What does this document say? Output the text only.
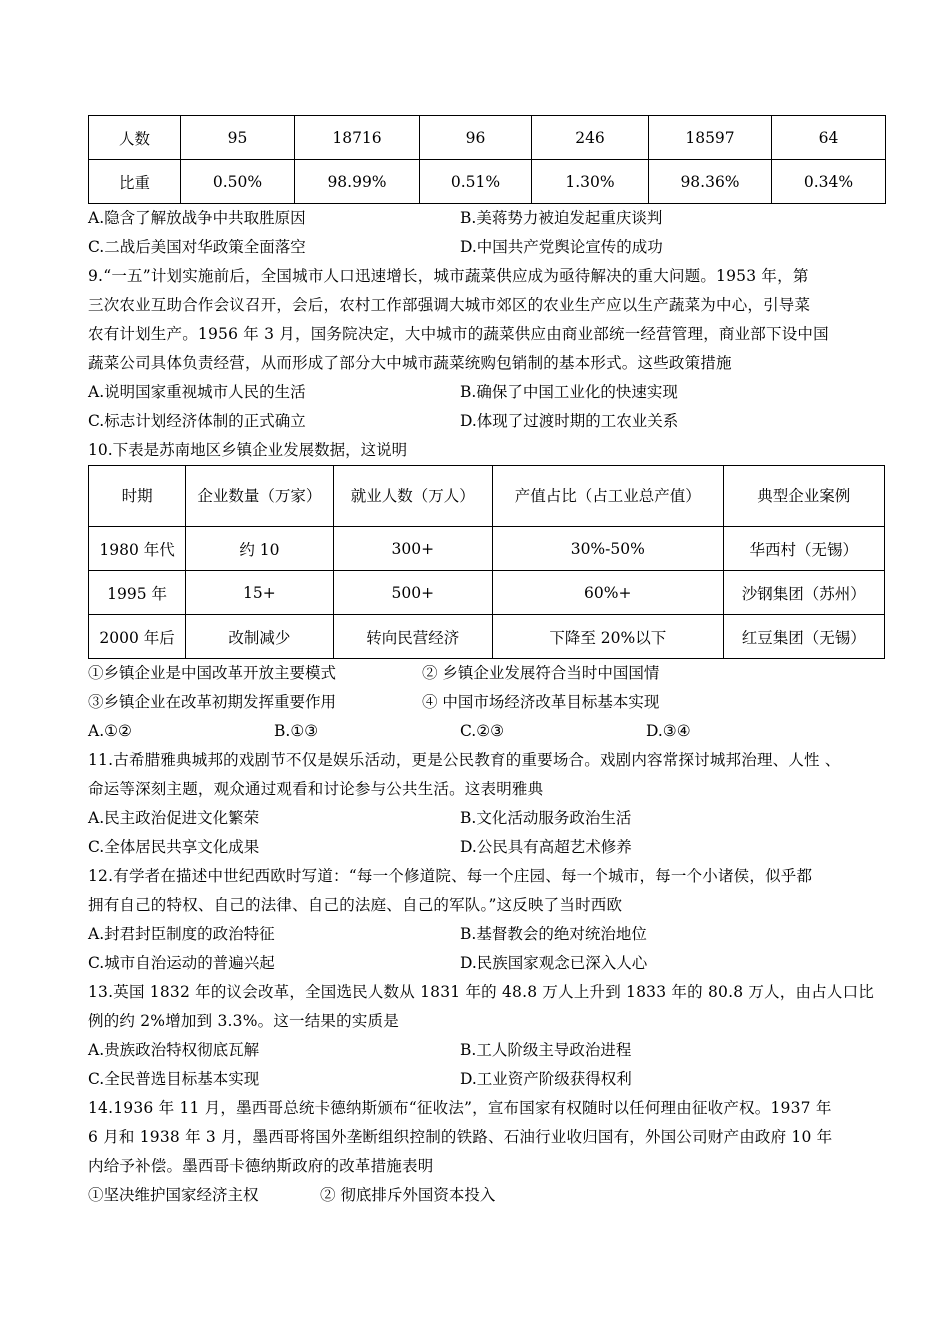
人数	95	18716	96	246	18597	64
比重	0.50%	98.99%	0.51%	1.30%	98.36%	0.34%
A.隐含了解放战争中共取胜原因	B.美蒋势力被迫发起重庆谈判
C.二战后美国对华政策全面落空	D.中国共产党舆论宣传的成功
9.“一五”计划实施前后，全国城市人口迅速增长，城市蔬菜供应成为亟待解决的重大问题。1953 年，第
三次农业互助合作会议召开，会后，农村工作部强调大城市郊区的农业生产应以生产蔬菜为中心，引导菜
农有计划生产。1956 年 3 月，国务院决定，大中城市的蔬菜供应由商业部统一经营管理，商业部下设中国
蔬菜公司具体负责经营，从而形成了部分大中城市蔬菜统购包销制的基本形式。这些政策措施
A.说明国家重视城市人民的生活	B.确保了中国工业化的快速实现
C.标志计划经济体制的正式确立	D.体现了过渡时期的工农业关系
10.下表是苏南地区乡镇企业发展数据，这说明
时期	企业数量（万家）	就业人数（万人）	产值占比（占工业总产值）	典型企业案例
1980 年代	约 10	300+	30%-50%	华西村（无锡）
1995 年	15+	500+	60%+	沙钢集团（苏州）
2000 年后	改制减少	转向民营经济	下降至 20%以下	红豆集团（无锡）
①乡镇企业是中国改革开放主要模式	② 乡镇企业发展符合当时中国国情
③乡镇企业在改革初期发挥重要作用	④ 中国市场经济改革目标基本实现
A.①②	B.①③	C.②③	D.③④
11.古希腊雅典城邦的戏剧节不仅是娱乐活动，更是公民教育的重要场合。戏剧内容常探讨城邦治理、人性 、
命运等深刻主题，观众通过观看和讨论参与公共生活。这表明雅典
A.民主政治促进文化繁荣	B.文化活动服务政治生活
C.全体居民共享文化成果	D.公民具有高超艺术修养
12.有学者在描述中世纪西欧时写道：“每一个修道院、每一个庄园、每一个城市，每一个小诸侯，似乎都
拥有自己的特权、自己的法律、自己的法庭、自己的军队。”这反映了当时西欧
A.封君封臣制度的政治特征	B.基督教会的绝对统治地位
C.城市自治运动的普遍兴起	D.民族国家观念已深入人心
13.英国 1832 年的议会改革，全国选民人数从 1831 年的 48.8 万人上升到 1833 年的 80.8 万人，由占人口比
例的约 2%增加到 3.3%。这一结果的实质是
A.贵族政治特权彻底瓦解	B.工人阶级主导政治进程
C.全民普选目标基本实现	D.工业资产阶级获得权利
14.1936 年 11 月，墨西哥总统卡德纳斯颁布“征收法”，宣布国家有权随时以任何理由征收产权。1937 年
6 月和 1938 年 3 月，墨西哥将国外垄断组织控制的铁路、石油行业收归国有，外国公司财产由政府 10 年
内给予补偿。墨西哥卡德纳斯政府的改革措施表明
①坚决维护国家经济主权	② 彻底排斥外国资本投入
